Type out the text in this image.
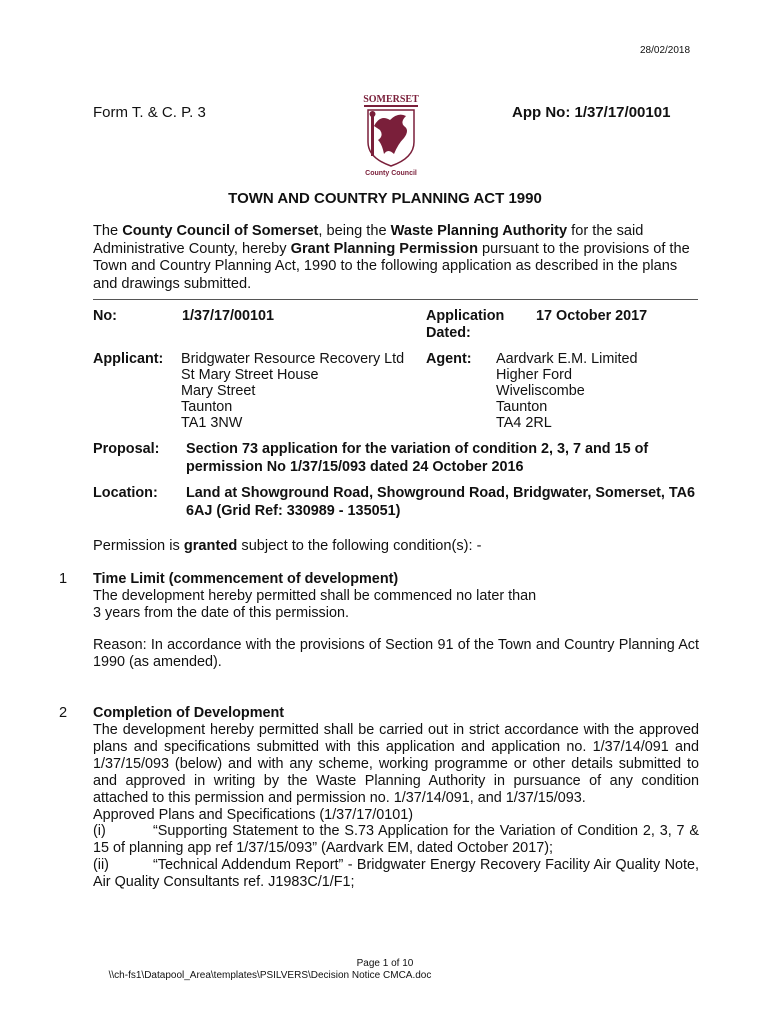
28/02/2018
Form T. & C. P. 3	App No: 1/37/17/00101
SOMERSET
County Council
TOWN AND COUNTRY PLANNING ACT 1990
The County Council of Somerset, being the Waste Planning Authority for the said Administrative County, hereby Grant Planning Permission pursuant to the provisions of the Town and Country Planning Act, 1990 to the following application as described in the plans and drawings submitted.
No:	1/37/17/00101	Application Dated:
17 October 2017
Applicant: Bridgwater Resource Recovery Ltd
St Mary Street House
Mary Street
Taunton
TA1 3NW
Agent: Aardvark E.M. Limited
Higher Ford
Wiveliscombe
Taunton
TA4 2RL
Proposal: Section 73 application for the variation of condition 2, 3, 7 and 15 of permission No 1/37/15/093 dated 24 October 2016
Location: Land at Showground Road, Showground Road, Bridgwater, Somerset, TA6 6AJ (Grid Ref: 330989 - 135051)
Permission is granted subject to the following condition(s): -
1 Time Limit (commencement of development)
The development hereby permitted shall be commenced no later than
3 years from the date of this permission.
Reason: In accordance with the provisions of Section 91 of the Town and Country Planning Act 1990 (as amended).
2 Completion of Development
The development hereby permitted shall be carried out in strict accordance with the approved plans and specifications submitted with this application and application no. 1/37/14/091 and 1/37/15/093 (below) and with any scheme, working programme or other details submitted to and approved in writing by the Waste Planning Authority in pursuance of any condition attached to this permission and permission no. 1/37/14/091, and 1/37/15/093.
Approved Plans and Specifications (1/37/17/0101)
(i)	“Supporting Statement to the S.73 Application for the Variation of Condition 2, 3, 7 & 15 of planning app ref 1/37/15/093” (Aardvark EM, dated October 2017);
(ii)	“Technical Addendum Report” - Bridgwater Energy Recovery Facility Air Quality Note, Air Quality Consultants ref. J1983C/1/F1;
Page 1 of 10
\\ch-fs1\Datapool_Area\templates\PSILVERS\Decision Notice CMCA.doc
